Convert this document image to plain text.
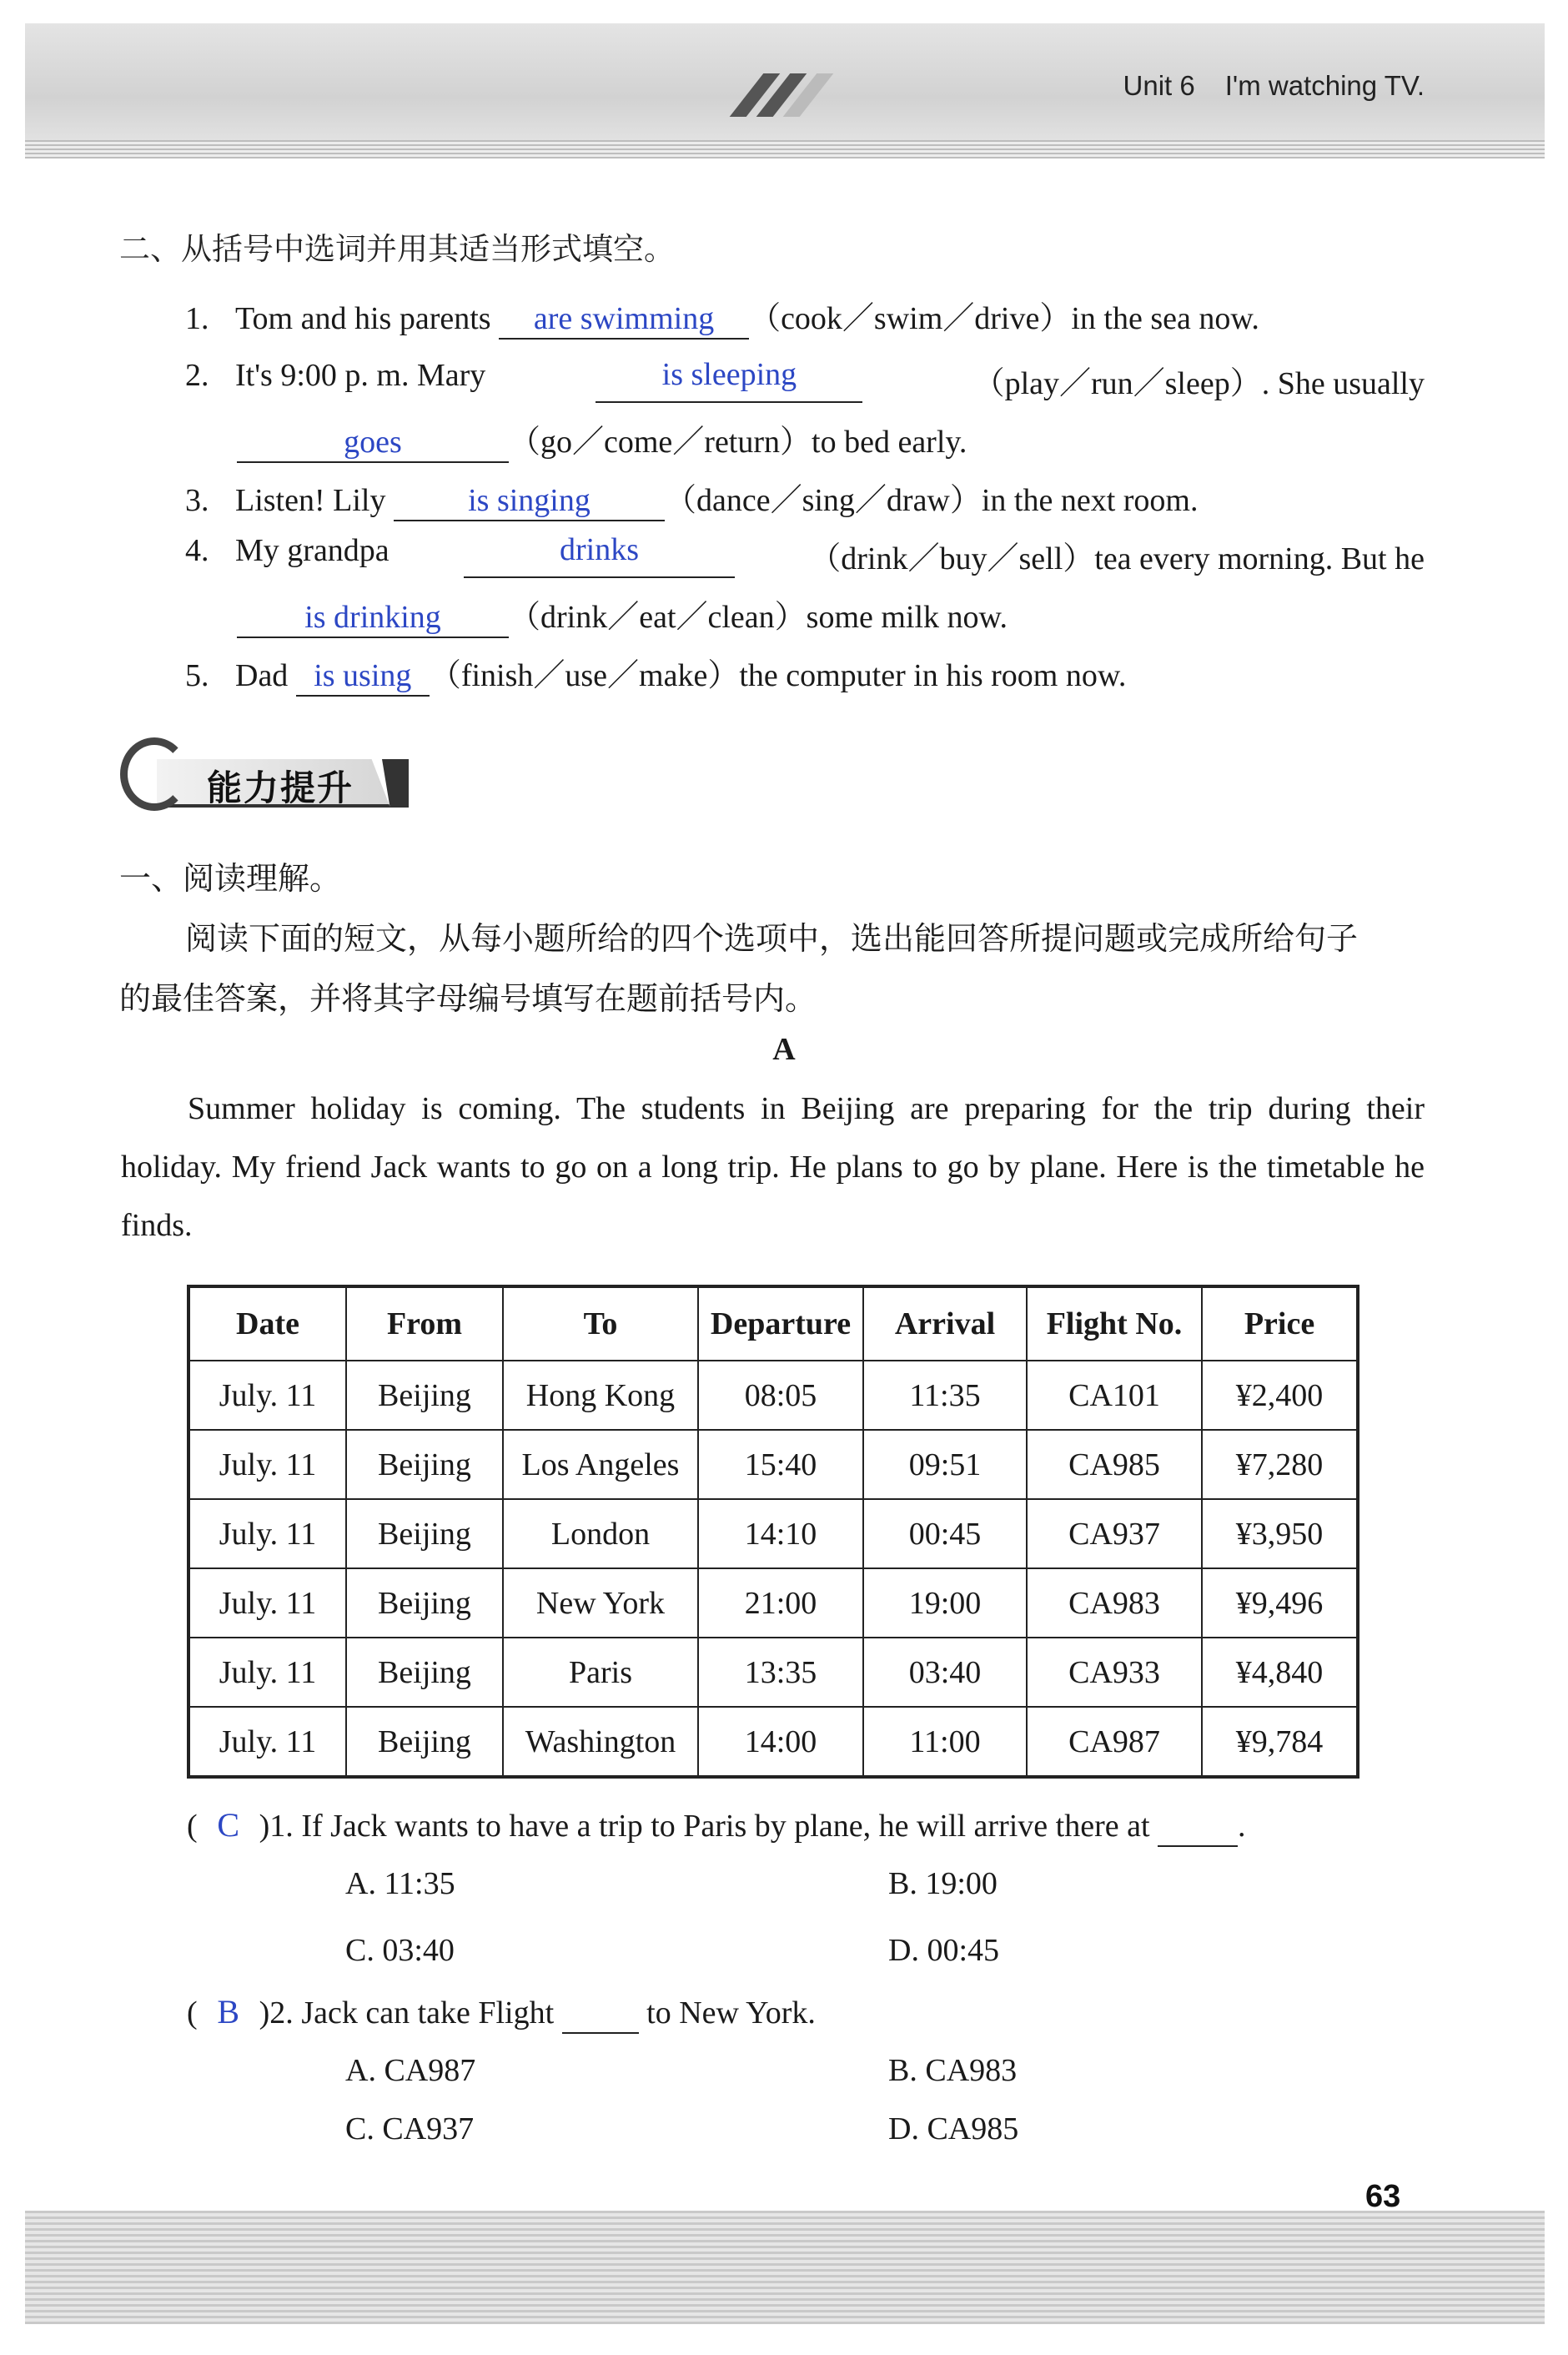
Unit 6 I'm watching TV.
二、从括号中选词并用其适当形式填空。
1. Tom and his parents are swimming （cook／swim／drive）in the sea now.
2. It's 9:00 p. m. Mary	is sleeping	（play／run／sleep）. She usually
goes	（go／come／return）to bed early.
3. Listen! Lily	is singing （dance／sing／draw）in the next room.
4. My grandpa	drinks	（drink／buy／sell）tea every morning. But he
is drinking （drink／eat／clean）some milk now.
5. Dad is using （finish／use／make）the computer in his room now.
能力提升
一、阅读理解。
阅读下面的短文，从每小题所给的四个选项中，选出能回答所提问题或完成所给句子
的最佳答案，并将其字母编号填写在题前括号内。
A
Summer holiday is coming. The students in Beijing are preparing for the trip during their holiday. My friend Jack wants to go on a long trip. He plans to go by plane. Here is the timetable he finds.
Date	From	To	Departure	Arrival	Flight No.	Price
July. 11	Beijing	Hong Kong	08:05	11:35	CA101	¥2,400
July. 11	Beijing	Los Angeles	15:40	09:51	CA985	¥7,280
July. 11	Beijing	London	14:10	00:45	CA937	¥3,950
July. 11	Beijing	New York	21:00	19:00	CA983	¥9,496
July. 11	Beijing	Paris	13:35	03:40	CA933	¥4,840
July. 11	Beijing	Washington	14:00	11:00	CA987	¥9,784
( C )1. If Jack wants to have a trip to Paris by plane, he will arrive there at	.
A. 11:35	B. 19:00
C. 03:40	D. 00:45
( B )2. Jack can take Flight	to New York.
A. CA987	B. CA983
C. CA937	D. CA985
63
